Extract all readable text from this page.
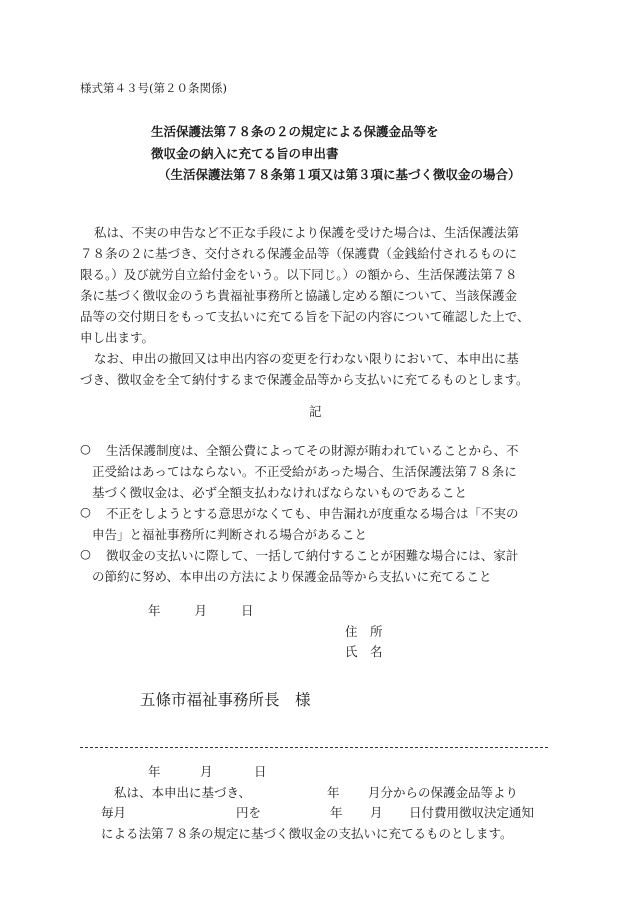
様式第４３号(第２０条関係)
生活保護法第７８条の２の規定による保護金品等を
徴収金の納入に充てる旨の申出書
（生活保護法第７８条第１項又は第３項に基づく徴収金の場合）
私は、不実の申告など不正な手段により保護を受けた場合は、生活保護法第
７８条の２に基づき、交付される保護金品等（保護費（金銭給付されるものに
限る。）及び就労自立給付金をいう。以下同じ。）の額から、生活保護法第７８
条に基づく徴収金のうち貴福祉事務所と協議し定める額について、当該保護金
品等の交付期日をもって支払いに充てる旨を下記の内容について確認した上で、
申し出ます。
なお、申出の撤回又は申出内容の変更を行わない限りにおいて、本申出に基
づき、徴収金を全て納付するまで保護金品等から支払いに充てるものとします。
記
○ 生活保護制度は、全額公費によってその財源が賄われていることから、不
正受給はあってはならない。不正受給があった場合、生活保護法第７８条に
基づく徴収金は、必ず全額支払わなければならないものであること
○ 不正をしようとする意思がなくても、申告漏れが度重なる場合は「不実の
申告」と福祉事務所に判断される場合があること
○ 徴収金の支払いに際して、一括して納付することが困難な場合には、家計
の節約に努め、本申出の方法により保護金品等から支払いに充てること
年	月	日
住　所
氏　名
五條市福祉事務所長　様
年	月	日
私は、本申出に基づき、	年 月分からの保護金品等より
毎月	円を	年 月 日付費用徴収決定通知
による法第７８条の規定に基づく徴収金の支払いに充てるものとします。
